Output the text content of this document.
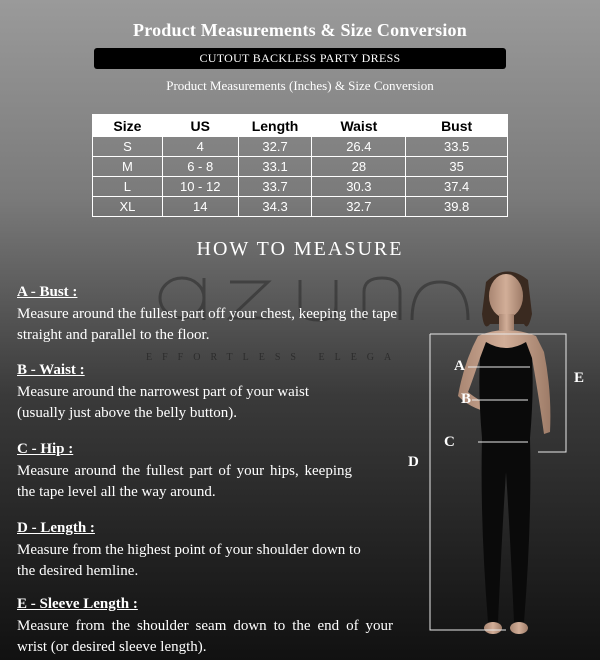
Product Measurements & Size Conversion
CUTOUT BACKLESS PARTY DRESS
Product Measurements (Inches) & Size Conversion
Size	US	Length	Waist	Bust
S	4	32.7	26.4	33.5
M	6 - 8	33.1	28	35
L	10 - 12	33.7	30.3	37.4
XL	14	34.3	32.7	39.8
HOW TO MEASURE
EFFORTLESS ELEGA
A - Bust :
Measure around the fullest part off your chest, keeping the tape straight and parallel to the floor.
B - Waist :
Measure around the narrowest part of your waist (usually just above the belly button).
C - Hip :
Measure around the fullest part of your hips, keeping the tape level all the way around.
D - Length :
Measure from the highest point of your shoulder down to the desired hemline.
E - Sleeve Length :
Measure from the shoulder seam down to the end of your wrist (or desired sleeve length).
A
B
C
D
E
